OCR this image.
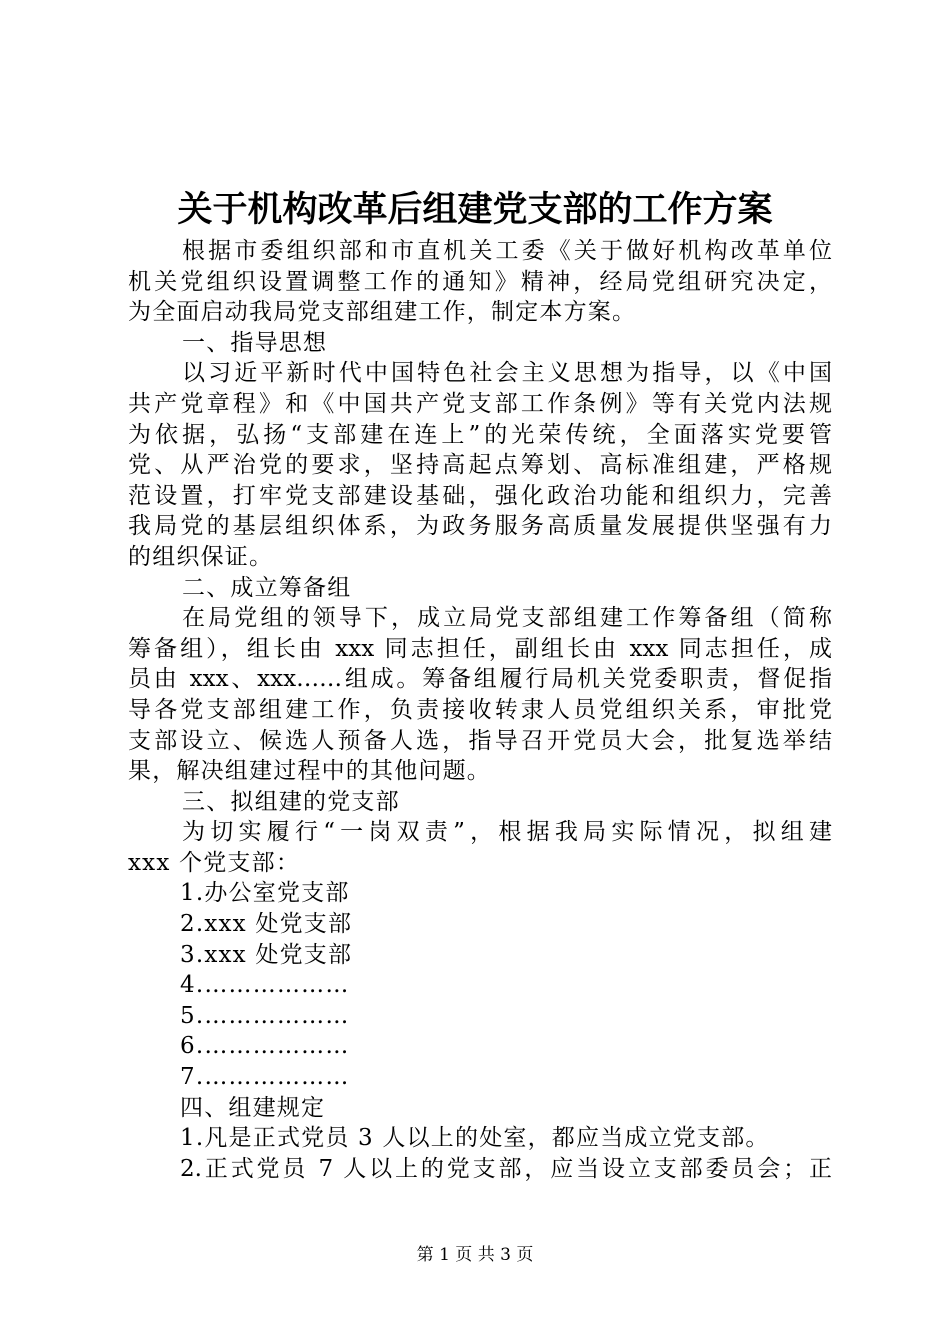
关于机构改革后组建党支部的工作方案
根据市委组织部和市直机关工委《关于做好机构改革单位
机关党组织设置调整工作的通知》精神，经局党组研究决定，
为全面启动我局党支部组建工作，制定本方案。
一、指导思想
以习近平新时代中国特色社会主义思想为指导，以《中国
共产党章程》和《中国共产党支部工作条例》等有关党内法规
为依据，弘扬“支部建在连上”的光荣传统，全面落实党要管
党、从严治党的要求，坚持高起点筹划、高标准组建，严格规
范设置，打牢党支部建设基础，强化政治功能和组织力，完善
我局党的基层组织体系，为政务服务高质量发展提供坚强有力
的组织保证。
二、成立筹备组
在局党组的领导下，成立局党支部组建工作筹备组（简称
筹备组），组长由 xxx 同志担任，副组长由 xxx 同志担任，成
员由 xxx、xxx……组成。筹备组履行局机关党委职责，督促指
导各党支部组建工作，负责接收转隶人员党组织关系，审批党
支部设立、候选人预备人选，指导召开党员大会，批复选举结
果，解决组建过程中的其他问题。
三、拟组建的党支部
为切实履行“一岗双责”，根据我局实际情况，拟组建
xxx 个党支部：
1.办公室党支部
2.xxx 处党支部
3.xxx 处党支部
4.………………
5.………………
6.………………
7.………………
四、组建规定
1.凡是正式党员 3 人以上的处室，都应当成立党支部。
2.正式党员 7 人以上的党支部，应当设立支部委员会；正
第 1 页 共 3 页
